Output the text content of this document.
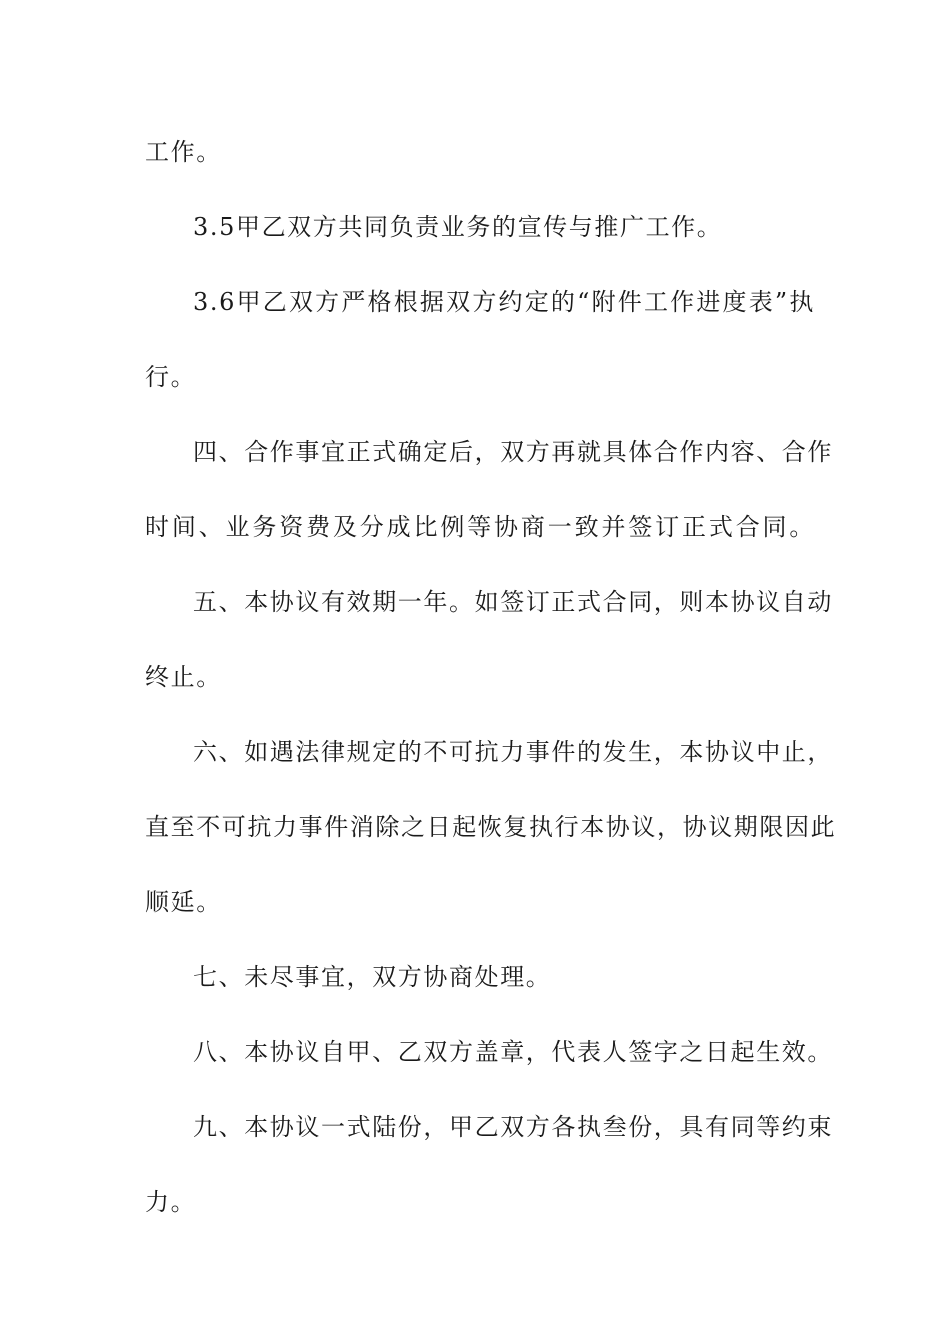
工作。
3.5甲乙双方共同负责业务的宣传与推广工作。
3.6甲乙双方严格根据双方约定的“附件工作进度表”执
行。
四、合作事宜正式确定后，双方再就具体合作内容、合作
时间、业务资费及分成比例等协商一致并签订正式合同。
五、本协议有效期一年。如签订正式合同，则本协议自动
终止。
六、如遇法律规定的不可抗力事件的发生，本协议中止，
直至不可抗力事件消除之日起恢复执行本协议，协议期限因此
顺延。
七、未尽事宜，双方协商处理。
八、本协议自甲、乙双方盖章，代表人签字之日起生效。
九、本协议一式陆份，甲乙双方各执叁份，具有同等约束
力。
